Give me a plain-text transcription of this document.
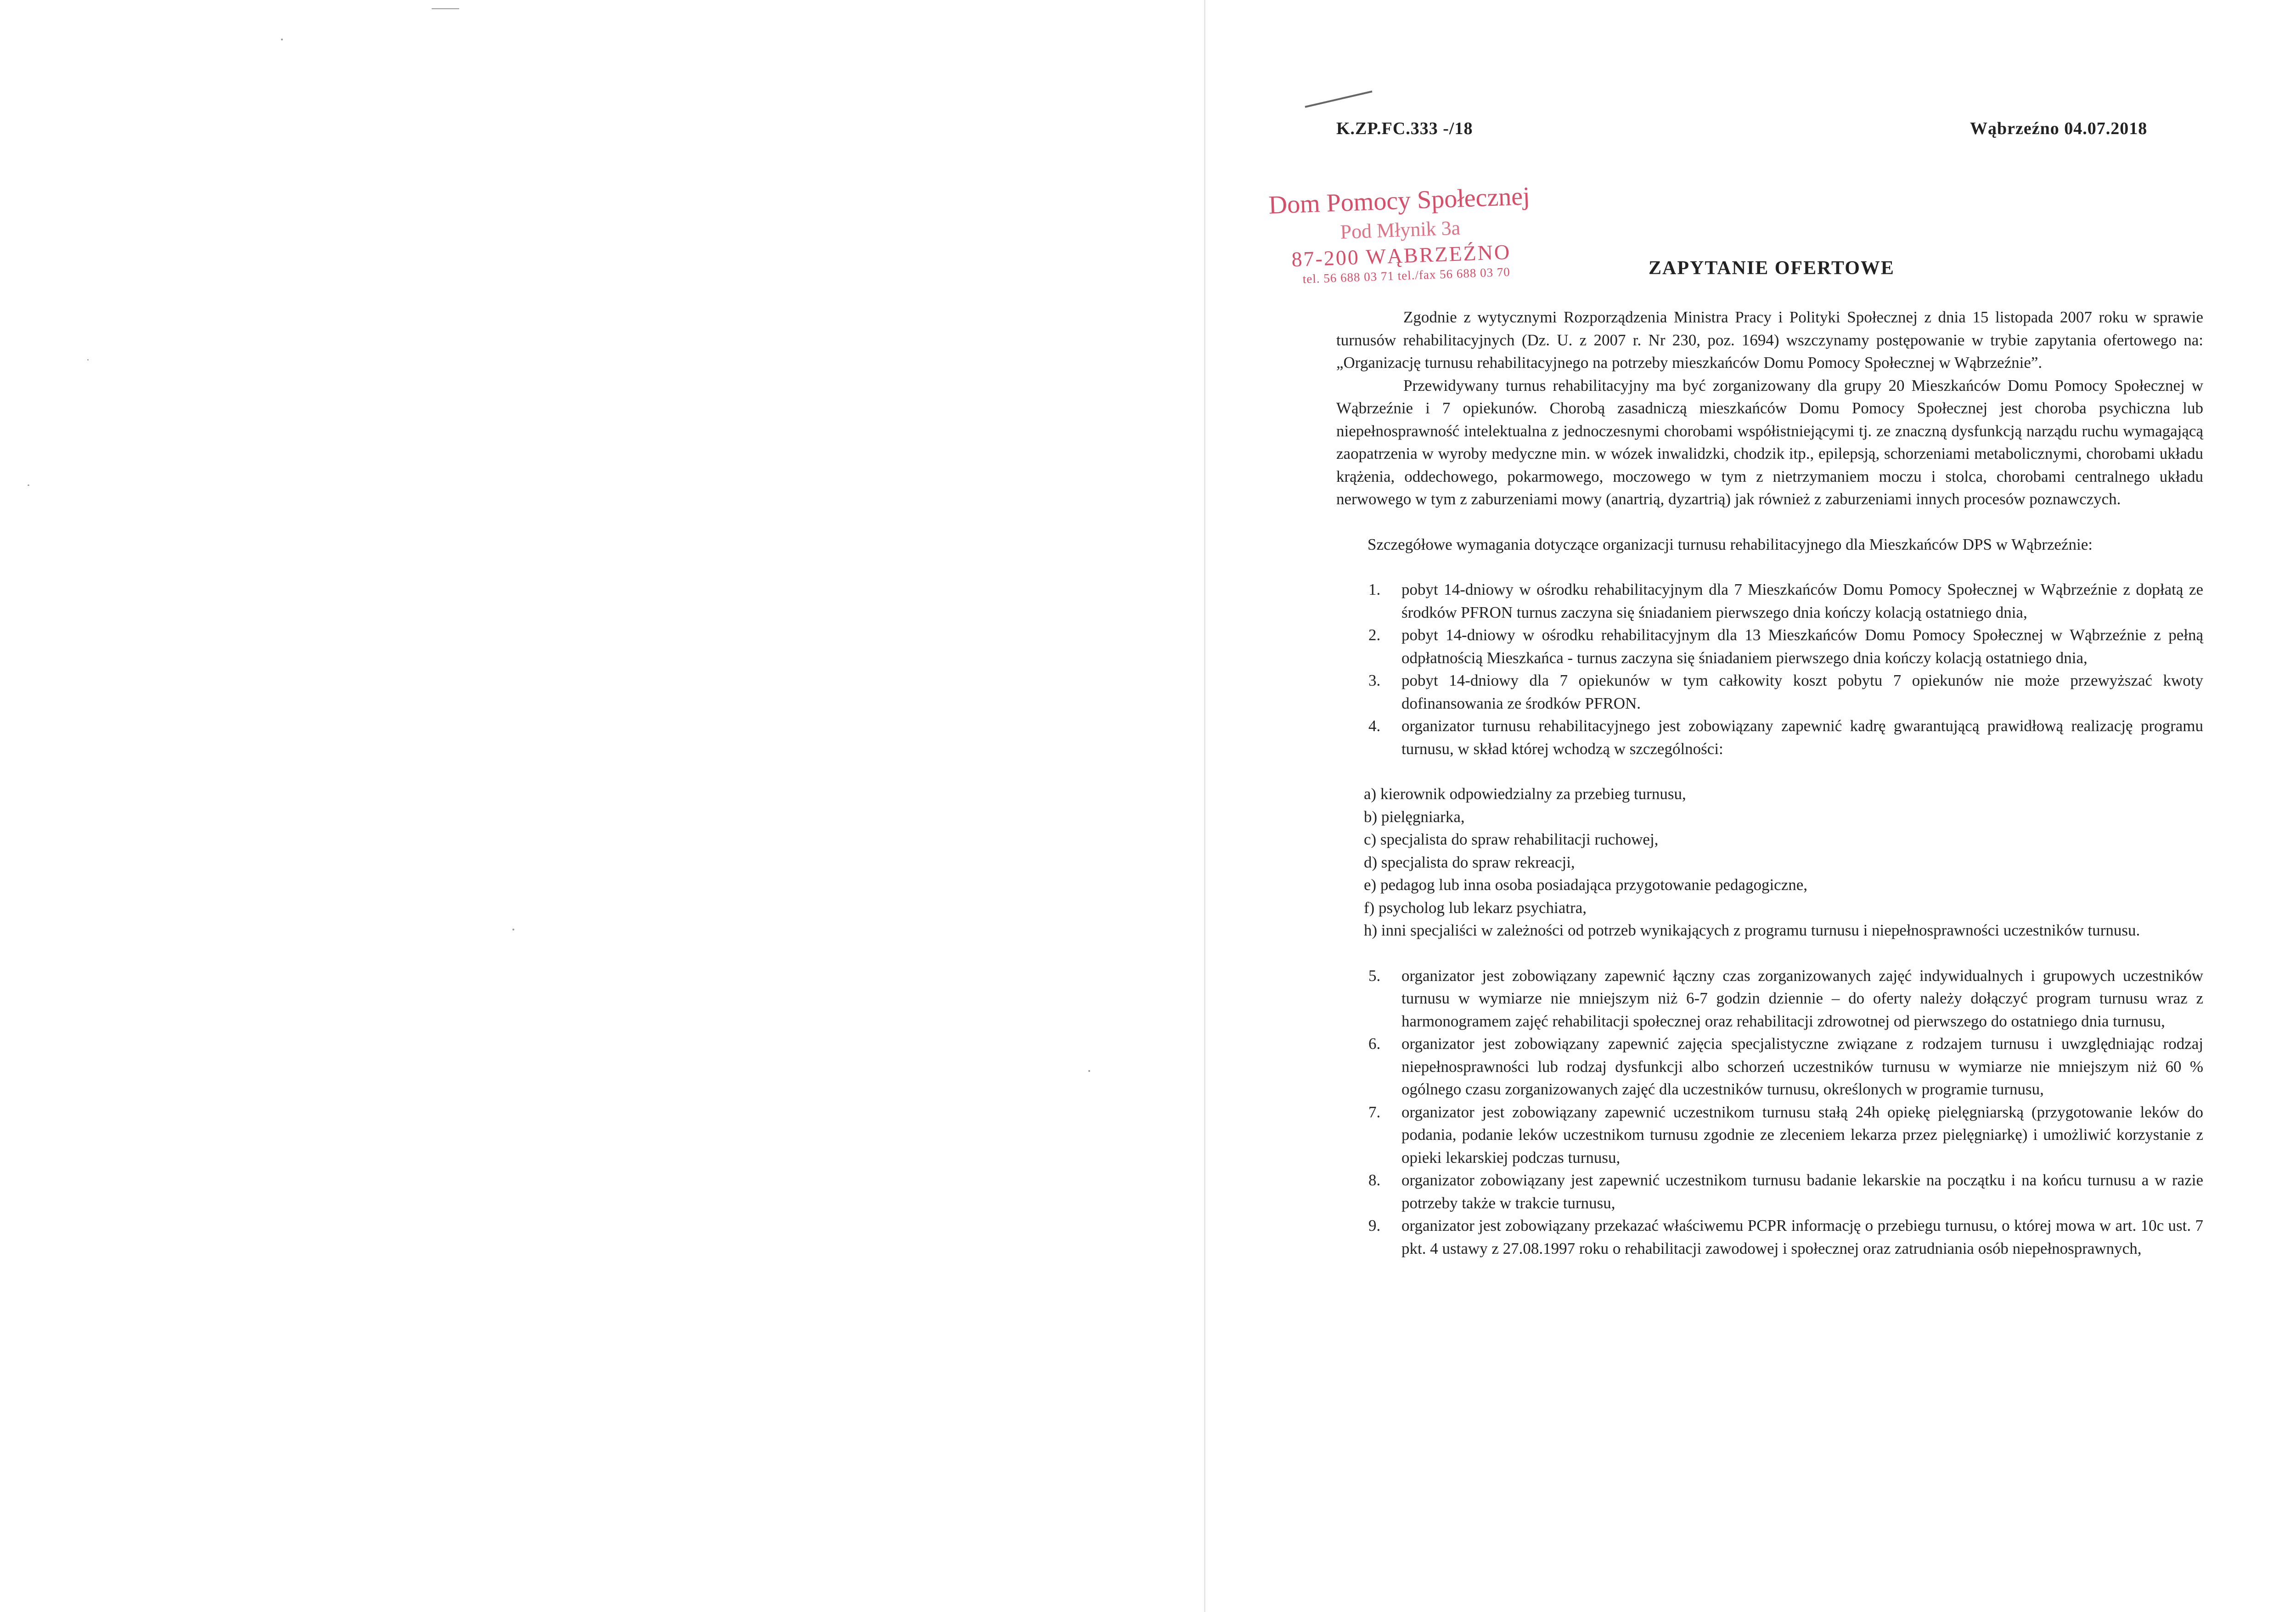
K.ZP.FC.333 -/18	Wąbrzeźno 04.07.2018
Dom Pomocy Społecznej
Pod Młynik 3a
87-200 WĄBRZEŹNO
tel. 56 688 03 71 tel./fax 56 688 03 70	ZAPYTANIE OFERTOWE

Zgodnie z wytycznymi Rozporządzenia Ministra Pracy i Polityki Społecznej z dnia 15 listopada 2007 roku w sprawie turnusów rehabilitacyjnych (Dz. U. z 2007 r. Nr 230, poz. 1694) wszczynamy postępowanie w trybie zapytania ofertowego na: „Organizację turnusu rehabilitacyjnego na potrzeby mieszkańców Domu Pomocy Społecznej w Wąbrzeźnie”.

Przewidywany turnus rehabilitacyjny ma być zorganizowany dla grupy 20 Mieszkańców Domu Pomocy Społecznej w Wąbrzeźnie i 7 opiekunów. Chorobą zasadniczą mieszkańców Domu Pomocy Społecznej jest choroba psychiczna lub niepełnosprawność intelektualna z jednoczesnymi chorobami współistniejącymi tj. ze znaczną dysfunkcją narządu ruchu wymagającą zaopatrzenia w wyroby medyczne min. w wózek inwalidzki, chodzik itp., epilepsją, schorzeniami metabolicznymi, chorobami układu krążenia, oddechowego, pokarmowego, moczowego w tym z nietrzymaniem moczu i stolca, chorobami centralnego układu nerwowego w tym z zaburzeniami mowy (anartrią, dyzartrią) jak również z zaburzeniami innych procesów poznawczych.

Szczegółowe wymagania dotyczące organizacji turnusu rehabilitacyjnego dla Mieszkańców DPS w Wąbrzeźnie:

1. pobyt 14-dniowy w ośrodku rehabilitacyjnym dla 7 Mieszkańców Domu Pomocy Społecznej w Wąbrzeźnie z dopłatą ze środków PFRON turnus zaczyna się śniadaniem pierwszego dnia kończy kolacją ostatniego dnia,
2. pobyt 14-dniowy w ośrodku rehabilitacyjnym dla 13 Mieszkańców Domu Pomocy Społecznej w Wąbrzeźnie z pełną odpłatnością Mieszkańca - turnus zaczyna się śniadaniem pierwszego dnia kończy kolacją ostatniego dnia,
3. pobyt 14-dniowy dla 7 opiekunów w tym całkowity koszt pobytu 7 opiekunów nie może przewyższać kwoty dofinansowania ze środków PFRON.
4. organizator turnusu rehabilitacyjnego jest zobowiązany zapewnić kadrę gwarantującą prawidłową realizację programu turnusu, w skład której wchodzą w szczególności:
a) kierownik odpowiedzialny za przebieg turnusu,
b) pielęgniarka,
c) specjalista do spraw rehabilitacji ruchowej,
d) specjalista do spraw rekreacji,
e) pedagog lub inna osoba posiadająca przygotowanie pedagogiczne,
f) psycholog lub lekarz psychiatra,
h) inni specjaliści w zależności od potrzeb wynikających z programu turnusu i niepełnosprawności uczestników turnusu.
5. organizator jest zobowiązany zapewnić łączny czas zorganizowanych zajęć indywidualnych i grupowych uczestników turnusu w wymiarze nie mniejszym niż 6-7 godzin dziennie – do oferty należy dołączyć program turnusu wraz z harmonogramem zajęć rehabilitacji społecznej oraz rehabilitacji zdrowotnej od pierwszego do ostatniego dnia turnusu,
6. organizator jest zobowiązany zapewnić zajęcia specjalistyczne związane z rodzajem turnusu i uwzględniając rodzaj niepełnosprawności lub rodzaj dysfunkcji albo schorzeń uczestników turnusu w wymiarze nie mniejszym niż 60 % ogólnego czasu zorganizowanych zajęć dla uczestników turnusu, określonych w programie turnusu,
7. organizator jest zobowiązany zapewnić uczestnikom turnusu stałą 24h opiekę pielęgniarską (przygotowanie leków do podania, podanie leków uczestnikom turnusu zgodnie ze zleceniem lekarza przez pielęgniarkę) i umożliwić korzystanie z opieki lekarskiej podczas turnusu,
8. organizator zobowiązany jest zapewnić uczestnikom turnusu badanie lekarskie na początku i na końcu turnusu a w razie potrzeby także w trakcie turnusu,
9. organizator jest zobowiązany przekazać właściwemu PCPR informację o przebiegu turnusu, o której mowa w art. 10c ust. 7 pkt. 4 ustawy z 27.08.1997 roku o rehabilitacji zawodowej i społecznej oraz zatrudniania osób niepełnosprawnych,
